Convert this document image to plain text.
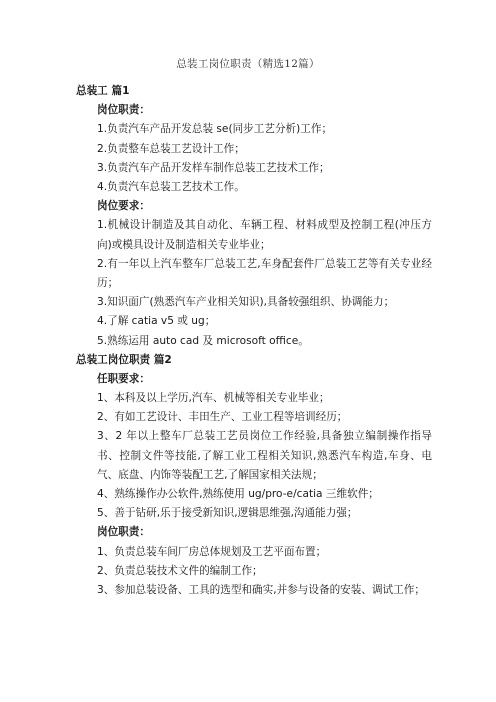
总装工岗位职责（精选12篇）
总装工 篇1
岗位职责：
1.负责汽车产品开发总装 se(同步工艺分析)工作；
2.负责整车总装工艺设计工作；
3.负责汽车产品开发样车制作总装工艺技术工作；
4.负责汽车总装工艺技术工作。
岗位要求：
1.机械设计制造及其自动化、车辆工程、材料成型及控制工程(冲压方向)或模具设计及制造相关专业毕业；
2.有一年以上汽车整车厂总装工艺,车身配套件厂总装工艺等有关专业经历；
3.知识面广(熟悉汽车产业相关知识),具备较强组织、协调能力；
4.了解 catia v5 或 ug；
5.熟练运用 auto cad 及 microsoft office。
总装工岗位职责 篇2
任职要求：
1、本科及以上学历,汽车、机械等相关专业毕业；
2、有如工艺设计、丰田生产、工业工程等培训经历；
3、2 年以上整车厂总装工艺员岗位工作经验,具备独立编制操作指导书、控制文件等技能,了解工业工程相关知识,熟悉汽车构造,车身、电气、底盘、内饰等装配工艺,了解国家相关法规；
4、熟练操作办公软件,熟练使用 ug/pro-e/catia 三维软件；
5、善于钻研,乐于接受新知识,逻辑思维强,沟通能力强；
岗位职责：
1、负责总装车间厂房总体规划及工艺平面布置；
2、负责总装技术文件的编制工作；
3、参加总装设备、工具的选型和确实,并参与设备的安装、调试工作；
